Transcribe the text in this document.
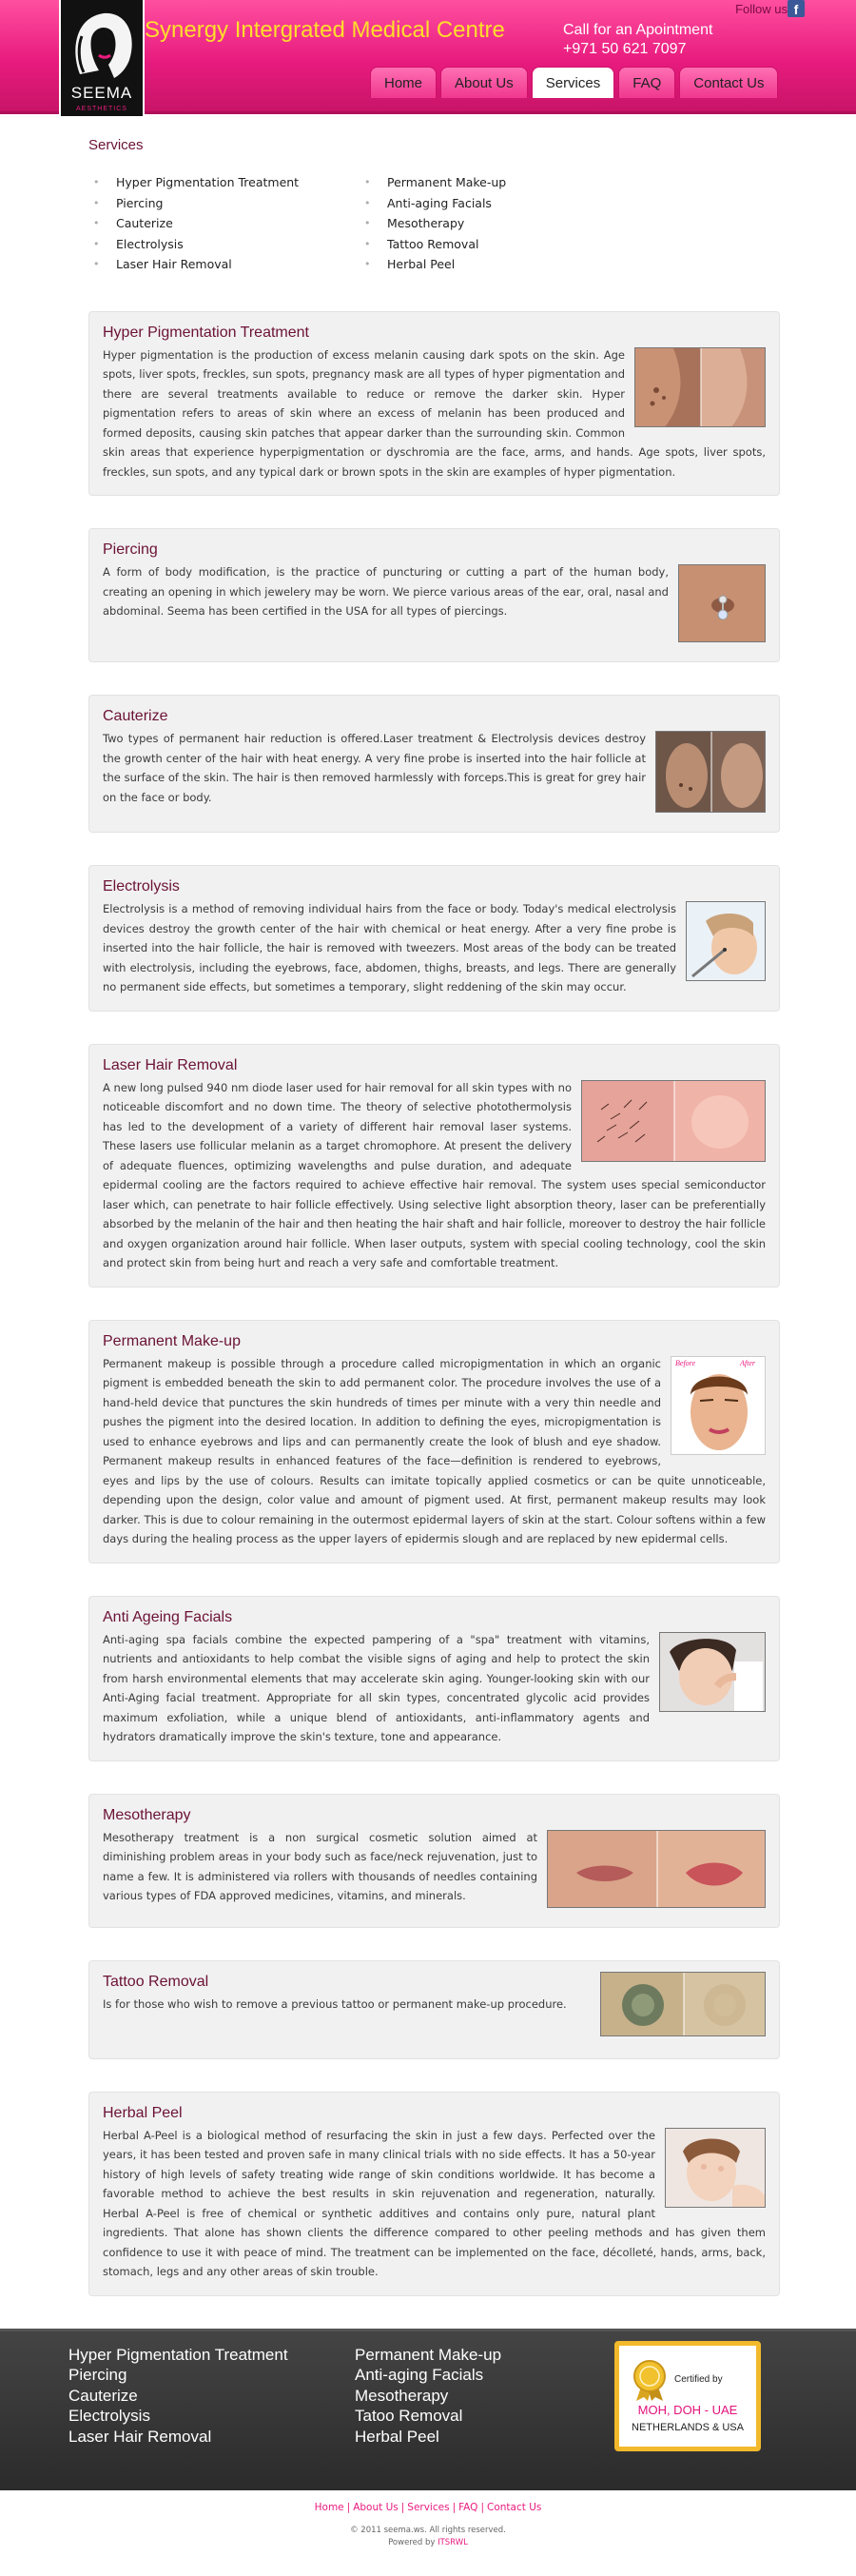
SEEMA
AESTHETICS
Synergy Intergrated Medical Centre
Follow us f
Call for an Apointment
+971 50 621 7097
Home	About Us	Services	FAQ	Contact Us
Services
• Hyper Pigmentation Treatment
• Piercing
• Cauterize
• Electrolysis
• Laser Hair Removal
• Permanent Make-up
• Anti-aging Facials
• Mesotherapy
• Tattoo Removal
• Herbal Peel
Hyper Pigmentation Treatment

Hyper pigmentation is the production of excess melanin causing dark spots on the skin. Age spots, liver spots, freckles, sun spots, pregnancy mask are all types of hyper pigmentation and there are several treatments available to reduce or remove the darker skin. Hyper pigmentation refers to areas of skin where an excess of melanin has been produced and formed deposits, causing skin patches that appear darker than the surrounding skin. Common skin areas that experience hyperpigmentation or dyschromia are the face, arms, and hands. Age spots, liver spots, freckles, sun spots, and any typical dark or brown spots in the skin are examples of hyper pigmentation.

Piercing

A form of body modification, is the practice of puncturing or cutting a part of the human body, creating an opening in which jewelery may be worn. We pierce various areas of the ear, oral, nasal and abdominal. Seema has been certified in the USA for all types of piercings.

Cauterize

Two types of permanent hair reduction is offered.Laser treatment & Electrolysis devices destroy the growth center of the hair with heat energy. A very fine probe is inserted into the hair follicle at the surface of the skin. The hair is then removed harmlessly with forceps.This is great for grey hair on the face or body.

Electrolysis

Electrolysis is a method of removing individual hairs from the face or body. Today's medical electrolysis devices destroy the growth center of the hair with chemical or heat energy. After a very fine probe is inserted into the hair follicle, the hair is removed with tweezers. Most areas of the body can be treated with electrolysis, including the eyebrows, face, abdomen, thighs, breasts, and legs. There are generally no permanent side effects, but sometimes a temporary, slight reddening of the skin may occur.

Laser Hair Removal

A new long pulsed 940 nm diode laser used for hair removal for all skin types with no noticeable discomfort and no down time. The theory of selective photothermolysis has led to the development of a variety of different hair removal laser systems. These lasers use follicular melanin as a target chromophore. At present the delivery of adequate fluences, optimizing wavelengths and pulse duration, and adequate epidermal cooling are the factors required to achieve effective hair removal. The system uses special semiconductor laser which, can penetrate to hair follicle effectively. Using selective light absorption theory, laser can be preferentially absorbed by the melanin of the hair and then heating the hair shaft and hair follicle, moreover to destroy the hair follicle and oxygen organization around hair follicle. When laser outputs, system with special cooling technology, cool the skin and protect skin from being hurt and reach a very safe and comfortable treatment.

Permanent Make-up
Before	After

Permanent makeup is possible through a procedure called micropigmentation in which an organic pigment is embedded beneath the skin to add permanent color. The procedure involves the use of a hand-held device that punctures the skin hundreds of times per minute with a very thin needle and pushes the pigment into the desired location. In addition to defining the eyes, micropigmentation is used to enhance eyebrows and lips and can permanently create the look of blush and eye shadow. Permanent makeup results in enhanced features of the face—definition is rendered to eyebrows, eyes and lips by the use of colours. Results can imitate topically applied cosmetics or can be quite unnoticeable, depending upon the design, color value and amount of pigment used. At first, permanent makeup results may look darker. This is due to colour remaining in the outermost epidermal layers of skin at the start. Colour softens within a few days during the healing process as the upper layers of epidermis slough and are replaced by new epidermal cells.

Anti Ageing Facials

Anti-aging spa facials combine the expected pampering of a "spa" treatment with vitamins, nutrients and antioxidants to help combat the visible signs of aging and help to protect the skin from harsh environmental elements that may accelerate skin aging. Younger-looking skin with our Anti-Aging facial treatment. Appropriate for all skin types, concentrated glycolic acid provides maximum exfoliation, while a unique blend of antioxidants, anti-inflammatory agents and hydrators dramatically improve the skin's texture, tone and appearance.

Mesotherapy

Mesotherapy treatment is a non surgical cosmetic solution aimed at diminishing problem areas in your body such as face/neck rejuvenation, just to name a few. It is administered via rollers with thousands of needles containing various types of FDA approved medicines, vitamins, and minerals.

Tattoo Removal

Is for those who wish to remove a previous tattoo or permanent make-up procedure.

Herbal Peel

Herbal A-Peel is a biological method of resurfacing the skin in just a few days. Perfected over the years, it has been tested and proven safe in many clinical trials with no side effects. It has a 50-year history of high levels of safety treating wide range of skin conditions worldwide. It has become a favorable method to achieve the best results in skin rejuvenation and regeneration, naturally. Herbal A-Peel is free of chemical or synthetic additives and contains only pure, natural plant ingredients. That alone has shown clients the difference compared to other peeling methods and has given them confidence to use it with peace of mind. The treatment can be implemented on the face, décolleté, hands, arms, back, stomach, legs and any other areas of skin trouble.

Hyper Pigmentation Treatment
Piercing
Cauterize
Electrolysis
Laser Hair Removal
Permanent Make-up
Anti-aging Facials
Mesotherapy
Tatoo Removal
Herbal Peel
Certified by
MOH, DOH - UAE
NETHERLANDS & USA
Home | About Us | Services | FAQ | Contact Us
© 2011 seema.ws. All rights reserved.
Powered by ITSRWL
